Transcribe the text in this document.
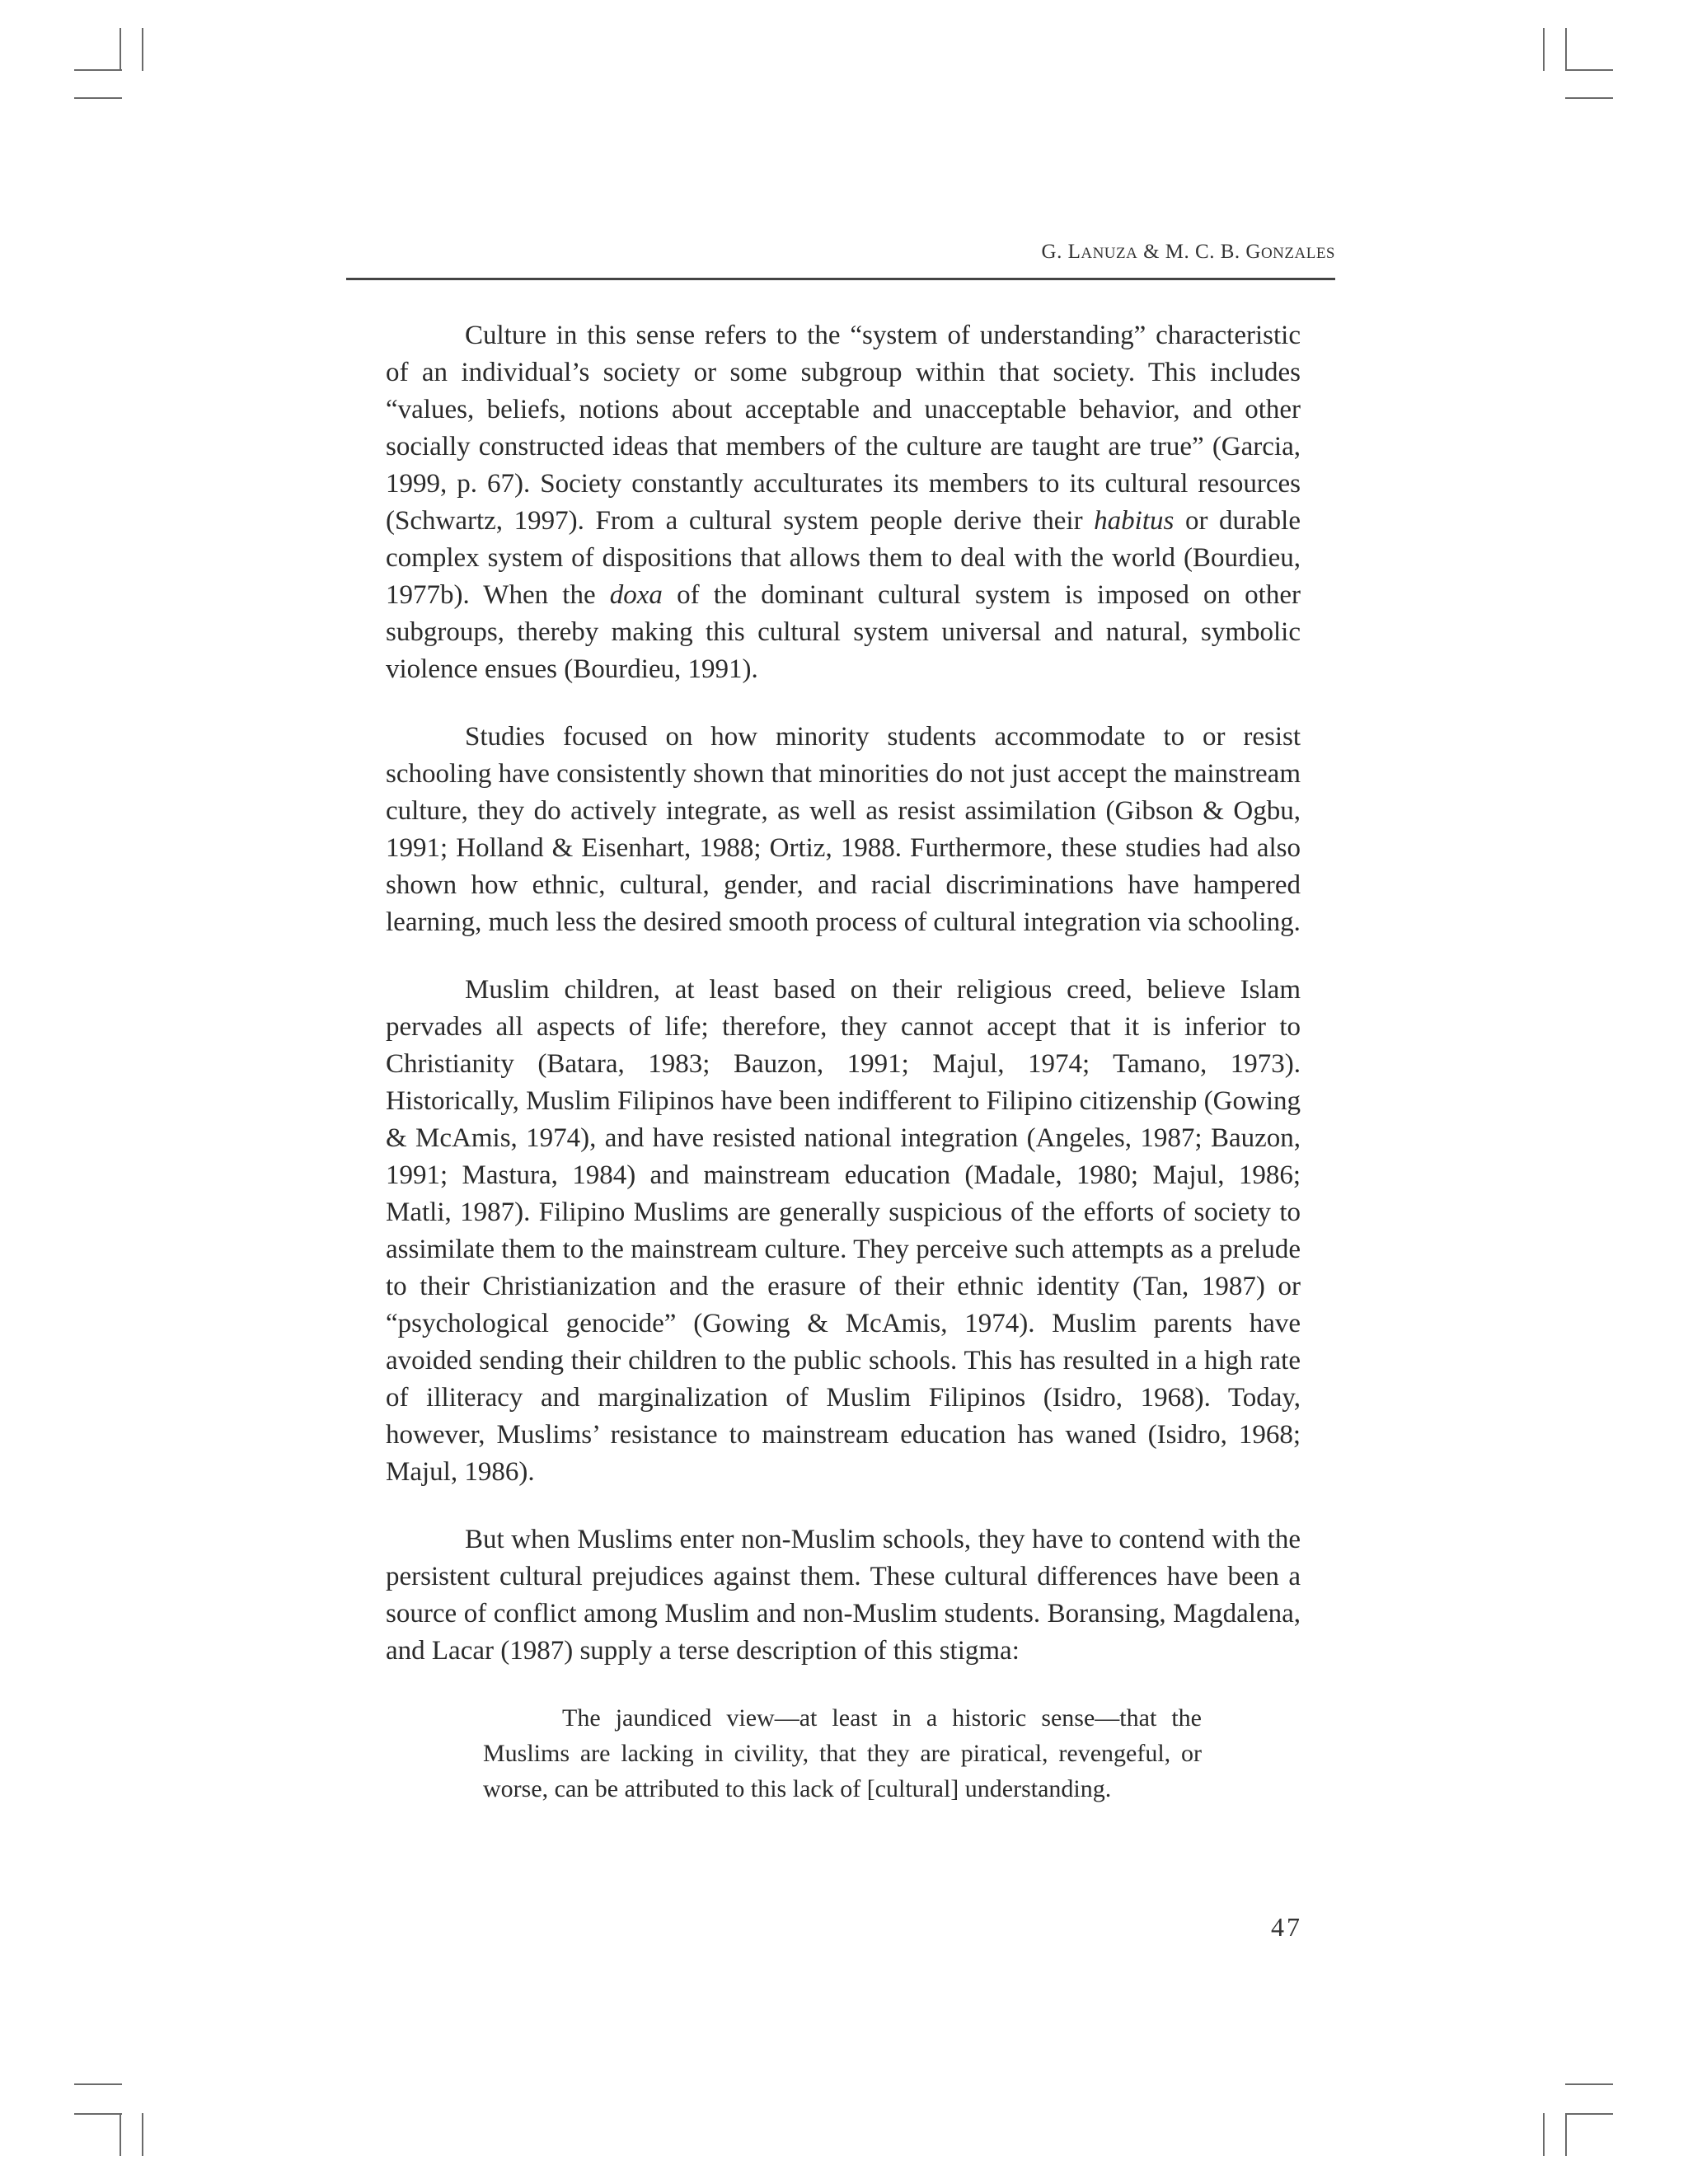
G. LANUZA & M. C. B. GONZALES

Culture in this sense refers to the “system of understanding” characteristic of an individual’s society or some subgroup within that society. This includes “values, beliefs, notions about acceptable and unacceptable behavior, and other socially constructed ideas that members of the culture are taught are true” (Garcia, 1999, p. 67). Society constantly acculturates its members to its cultural resources (Schwartz, 1997). From a cultural system people derive their habitus or durable complex system of dispositions that allows them to deal with the world (Bourdieu, 1977b). When the doxa of the dominant cultural system is imposed on other subgroups, thereby making this cultural system universal and natural, symbolic violence ensues (Bourdieu, 1991).

Studies focused on how minority students accommodate to or resist schooling have consistently shown that minorities do not just accept the mainstream culture, they do actively integrate, as well as resist assimilation (Gibson & Ogbu, 1991; Holland & Eisenhart, 1988; Ortiz, 1988. Furthermore, these studies had also shown how ethnic, cultural, gender, and racial discriminations have hampered learning, much less the desired smooth process of cultural integration via schooling.

Muslim children, at least based on their religious creed, believe Islam pervades all aspects of life; therefore, they cannot accept that it is inferior to Christianity (Batara, 1983; Bauzon, 1991; Majul, 1974; Tamano, 1973). Historically, Muslim Filipinos have been indifferent to Filipino citizenship (Gowing & McAmis, 1974), and have resisted national integration (Angeles, 1987; Bauzon, 1991; Mastura, 1984) and mainstream education (Madale, 1980; Majul, 1986; Matli, 1987). Filipino Muslims are generally suspicious of the efforts of society to assimilate them to the mainstream culture. They perceive such attempts as a prelude to their Christianization and the erasure of their ethnic identity (Tan, 1987) or “psychological genocide” (Gowing & McAmis, 1974). Muslim parents have avoided sending their children to the public schools. This has resulted in a high rate of illiteracy and marginalization of Muslim Filipinos (Isidro, 1968). Today, however, Muslims’ resistance to mainstream education has waned (Isidro, 1968; Majul, 1986).

But when Muslims enter non-Muslim schools, they have to contend with the persistent cultural prejudices against them. These cultural differences have been a source of conflict among Muslim and non-Muslim students. Boransing, Magdalena, and Lacar (1987) supply a terse description of this stigma:

The jaundiced view—at least in a historic sense—that the Muslims are lacking in civility, that they are piratical, revengeful, or worse, can be attributed to this lack of [cultural] understanding.

47
